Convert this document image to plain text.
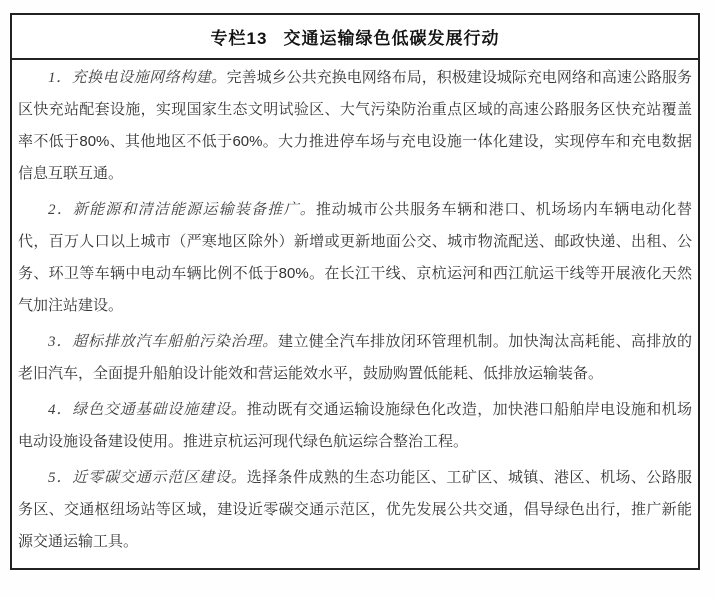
专栏13 交通运输绿色低碳发展行动

1．充换电设施网络构建。完善城乡公共充换电网络布局，积极建设城际充电网络和高速公路服务区快充站配套设施，实现国家生态文明试验区、大气污染防治重点区域的高速公路服务区快充站覆盖率不低于80%、其他地区不低于60%。大力推进停车场与充电设施一体化建设，实现停车和充电数据信息互联互通。

2．新能源和清洁能源运输装备推广。推动城市公共服务车辆和港口、机场场内车辆电动化替代，百万人口以上城市（严寒地区除外）新增或更新地面公交、城市物流配送、邮政快递、出租、公务、环卫等车辆中电动车辆比例不低于80%。在长江干线、京杭运河和西江航运干线等开展液化天然气加注站建设。

3．超标排放汽车船舶污染治理。建立健全汽车排放闭环管理机制。加快淘汰高耗能、高排放的老旧汽车，全面提升船舶设计能效和营运能效水平，鼓励购置低能耗、低排放运输装备。

4．绿色交通基础设施建设。推动既有交通运输设施绿色化改造，加快港口船舶岸电设施和机场电动设施设备建设使用。推进京杭运河现代绿色航运综合整治工程。

5．近零碳交通示范区建设。选择条件成熟的生态功能区、工矿区、城镇、港区、机场、公路服务区、交通枢纽场站等区域，建设近零碳交通示范区，优先发展公共交通，倡导绿色出行，推广新能源交通运输工具。
